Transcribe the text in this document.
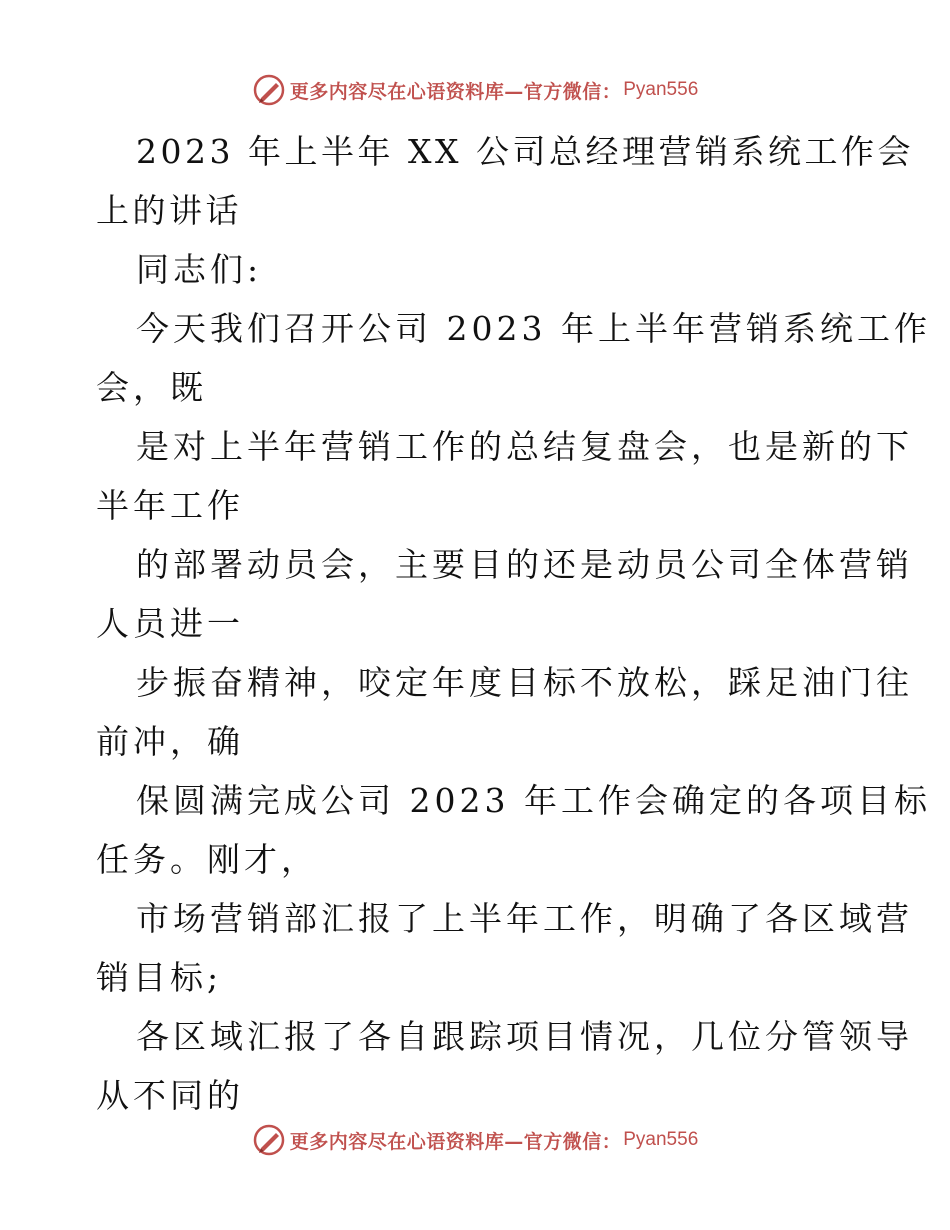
更多内容尽在心语资料库—官方微信： Pyan556
2023 年上半年 XX 公司总经理营销系统工作会
上的讲话
同志们:
今天我们召开公司 2023 年上半年营销系统工作
会，既
是对上半年营销工作的总结复盘会，也是新的下
半年工作
的部署动员会，主要目的还是动员公司全体营销
人员进一
步振奋精神，咬定年度目标不放松，踩足油门往
前冲，确
保圆满完成公司 2023 年工作会确定的各项目标
任务。刚才，
市场营销部汇报了上半年工作，明确了各区域营
销目标;
各区域汇报了各自跟踪项目情况，几位分管领导
从不同的
更多内容尽在心语资料库—官方微信： Pyan556
